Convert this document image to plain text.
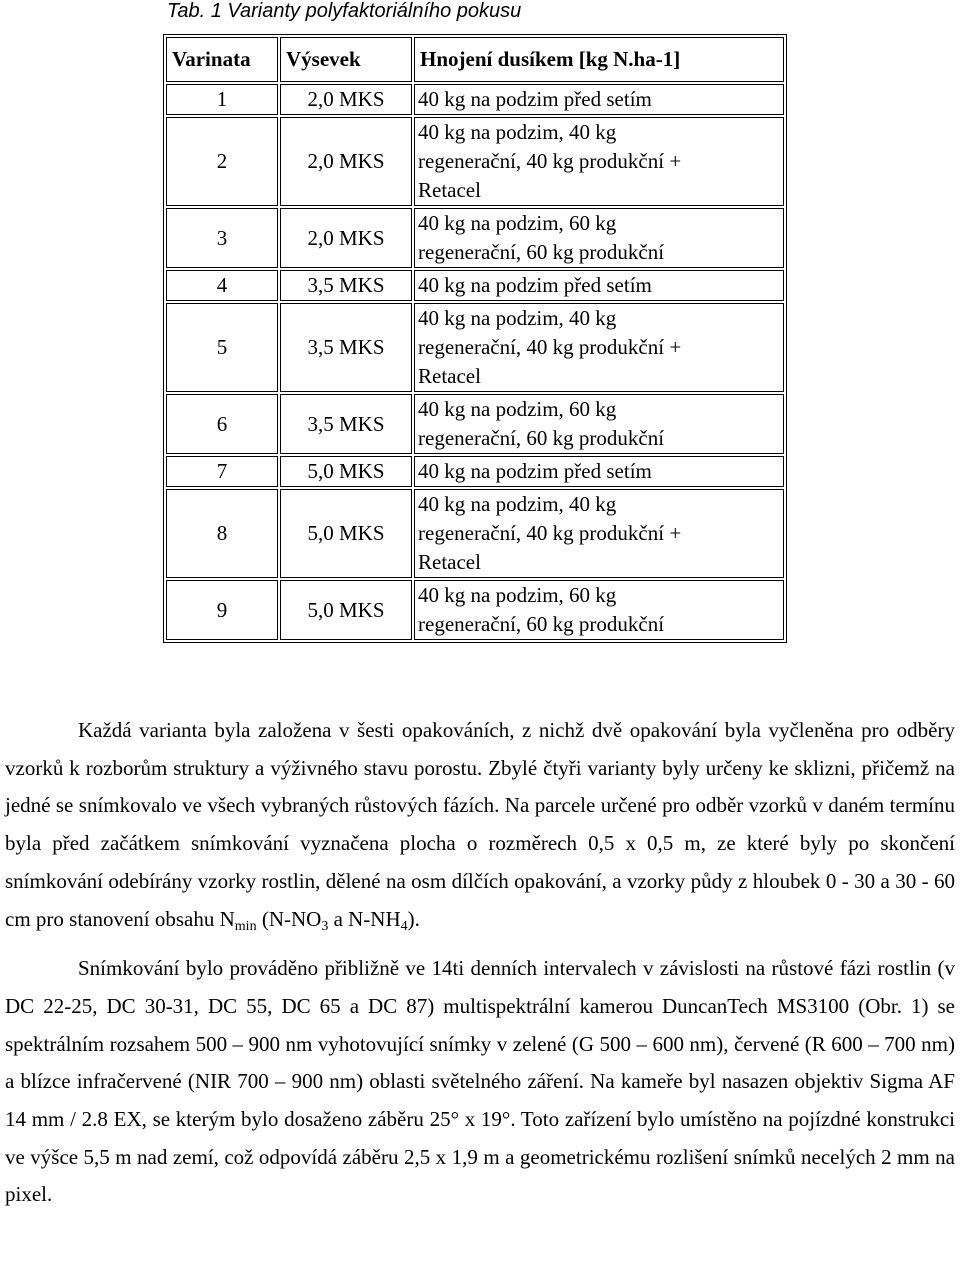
Tab. 1 Varianty polyfaktoriálního pokusu
Varinata	Výsevek	Hnojení dusíkem [kg N.ha-1]
1	2,0 MKS	40 kg na podzim před setím

2	2,0 MKS	40 kg na podzim, 40 kg
regenerační, 40 kg produkční +
Retacel

3	2,0 MKS	40 kg na podzim, 60 kg
regenerační, 60 kg produkční

4	3,5 MKS	40 kg na podzim před setím

5	3,5 MKS	40 kg na podzim, 40 kg
regenerační, 40 kg produkční +
Retacel

6	3,5 MKS	40 kg na podzim, 60 kg
regenerační, 60 kg produkční

7	5,0 MKS	40 kg na podzim před setím

8	5,0 MKS	40 kg na podzim, 40 kg
regenerační, 40 kg produkční +
Retacel

9	5,0 MKS	40 kg na podzim, 60 kg
regenerační, 60 kg produkční

Každá varianta byla založena v šesti opakováních, z nichž dvě opakování byla vyčleněna pro odběry vzorků k rozborům struktury a výživného stavu porostu. Zbylé čtyři varianty byly určeny ke sklizni, přičemž na jedné se snímkovalo ve všech vybraných růstových fázích. Na parcele určené pro odběr vzorků v daném termínu byla před začátkem snímkování vyznačena plocha o rozměrech 0,5 x 0,5 m, ze které byly po skončení snímkování odebírány vzorky rostlin, dělené na osm dílčích opakování, a vzorky půdy z hloubek 0 - 30 a 30 - 60 cm pro stanovení obsahu $N_{min}$ ($N-NO_3$ a $N-NH_4$).

Snímkování bylo prováděno přibližně ve 14ti denních intervalech v závislosti na růstové fázi rostlin (v DC 22-25, DC 30-31, DC 55, DC 65 a DC 87) multispektrální kamerou DuncanTech MS3100 (Obr. 1) se spektrálním rozsahem 500 – 900 nm vyhotovující snímky v zelené (G 500 – 600 nm), červené (R 600 – 700 nm) a blízce infračervené (NIR 700 – 900 nm) oblasti světelného záření. Na kameře byl nasazen objektiv Sigma AF 14 mm / 2.8 EX, se kterým bylo dosaženo záběru 25° x 19°. Toto zařízení bylo umístěno na pojízdné konstrukci ve výšce 5,5 m nad zemí, což odpovídá záběru 2,5 x 1,9 m a geometrickému rozlišení snímků necelých 2 mm na pixel.
